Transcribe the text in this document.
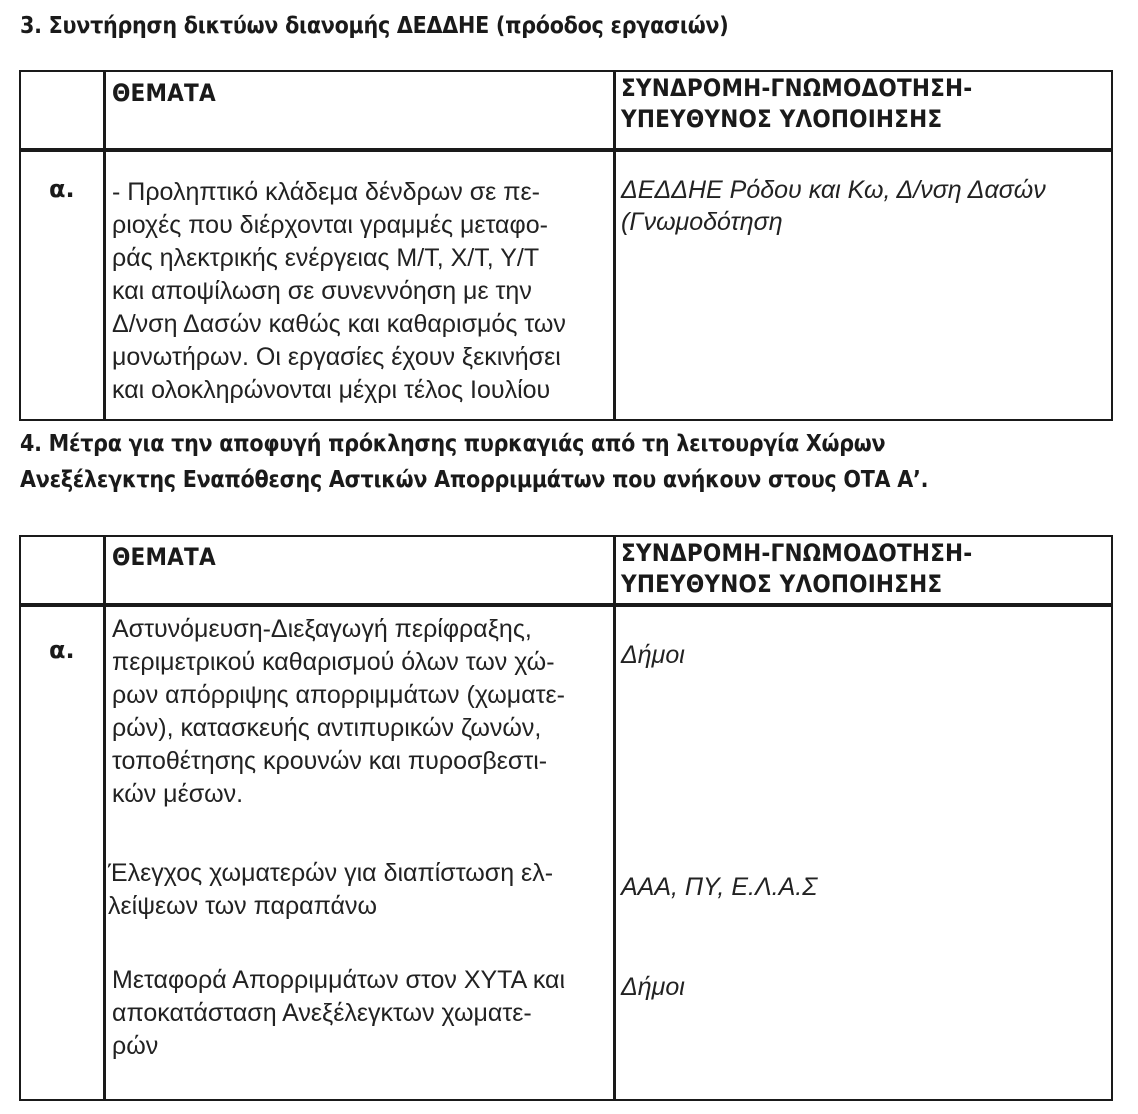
3. Συντήρηση δικτύων διανομής ΔΕΔΔΗΕ (πρόοδος εργασιών)
ΘΕΜΑΤΑ	ΣΥΝΔΡΟΜΗ-ΓΝΩΜΟΔΟΤΗΣΗ-
ΥΠΕΥΘΥΝΟΣ ΥΛΟΠΟΙΗΣΗΣ
α. - Προληπτικό κλάδεμα δένδρων σε πε-
ριοχές που διέρχονται γραμμές μεταφο-
ράς ηλεκτρικής ενέργειας Μ/Τ, Χ/Τ, Υ/Τ
και αποψίλωση σε συνεννόηση με την
Δ/νση Δασών καθώς και καθαρισμός των
μονωτήρων. Οι εργασίες έχουν ξεκινήσει
και ολοκληρώνονται μέχρι τέλος Ιουλίου
ΔΕΔΔΗΕ Ρόδου και Κω, Δ/νση Δασών
(Γνωμοδότηση
4. Μέτρα για την αποφυγή πρόκλησης πυρκαγιάς από τη λειτουργία Χώρων
Ανεξέλεγκτης Εναπόθεσης Αστικών Απορριμμάτων που ανήκουν στους ΟΤΑ Α’.
ΘΕΜΑΤΑ	ΣΥΝΔΡΟΜΗ-ΓΝΩΜΟΔΟΤΗΣΗ-
ΥΠΕΥΘΥΝΟΣ ΥΛΟΠΟΙΗΣΗΣ
α.
Αστυνόμευση-Διεξαγωγή περίφραξης,
περιμετρικού καθαρισμού όλων των χώ-
ρων απόρριψης απορριμμάτων (χωματε-
ρών), κατασκευής αντιπυρικών ζωνών,
τοποθέτησης κρουνών και πυροσβεστι-
κών μέσων.
Δήμοι
Έλεγχος χωματερών για διαπίστωση ελ-
λείψεων των παραπάνω
ΑΑΑ, ΠΥ, Ε.Λ.Α.Σ
Μεταφορά Απορριμμάτων στον ΧΥΤΑ και
αποκατάσταση Ανεξέλεγκτων χωματε-
ρών
Δήμοι
